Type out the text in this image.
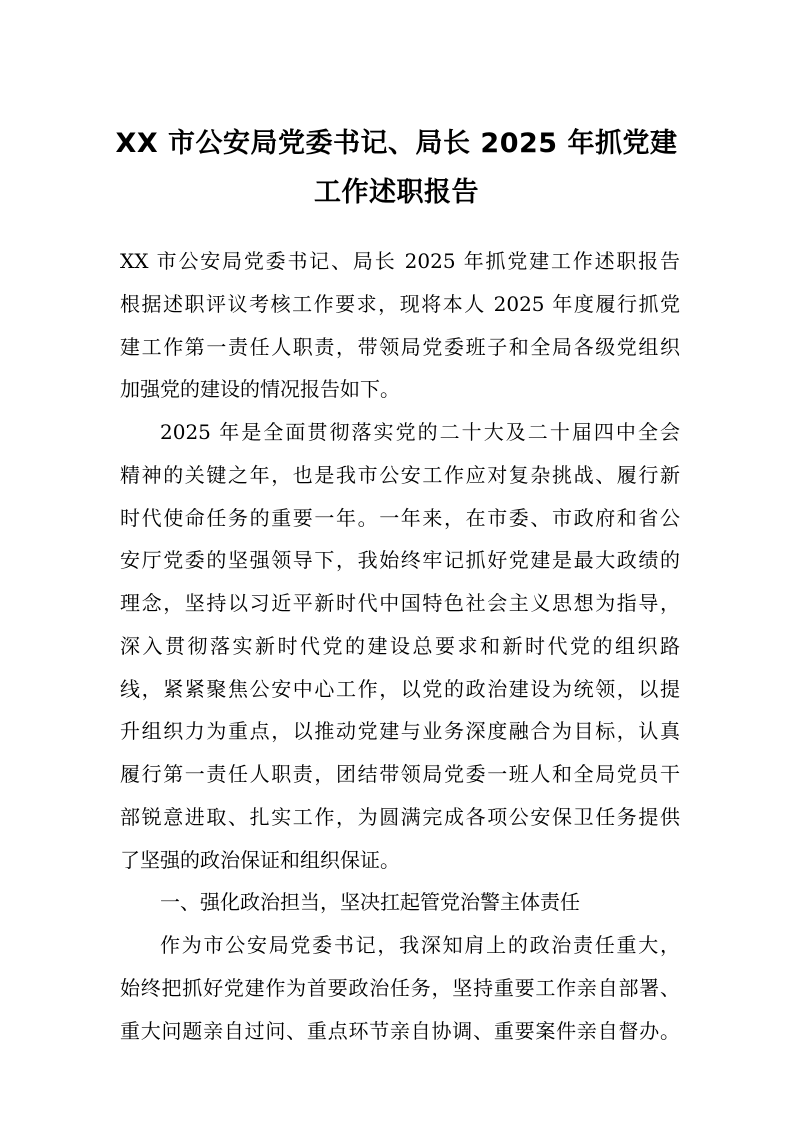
XX 市公安局党委书记、局长 2025 年抓党建
工作述职报告
XX 市公安局党委书记、局长 2025 年抓党建工作述职报告
根据述职评议考核工作要求，现将本人 2025 年度履行抓党
建工作第一责任人职责，带领局党委班子和全局各级党组织
加强党的建设的情况报告如下。
2025 年是全面贯彻落实党的二十大及二十届四中全会
精神的关键之年，也是我市公安工作应对复杂挑战、履行新
时代使命任务的重要一年。一年来，在市委、市政府和省公
安厅党委的坚强领导下，我始终牢记抓好党建是最大政绩的
理念，坚持以习近平新时代中国特色社会主义思想为指导，
深入贯彻落实新时代党的建设总要求和新时代党的组织路
线，紧紧聚焦公安中心工作，以党的政治建设为统领，以提
升组织力为重点，以推动党建与业务深度融合为目标，认真
履行第一责任人职责，团结带领局党委一班人和全局党员干
部锐意进取、扎实工作，为圆满完成各项公安保卫任务提供
了坚强的政治保证和组织保证。
一、强化政治担当，坚决扛起管党治警主体责任
作为市公安局党委书记，我深知肩上的政治责任重大，
始终把抓好党建作为首要政治任务，坚持重要工作亲自部署、
重大问题亲自过问、重点环节亲自协调、重要案件亲自督办。
